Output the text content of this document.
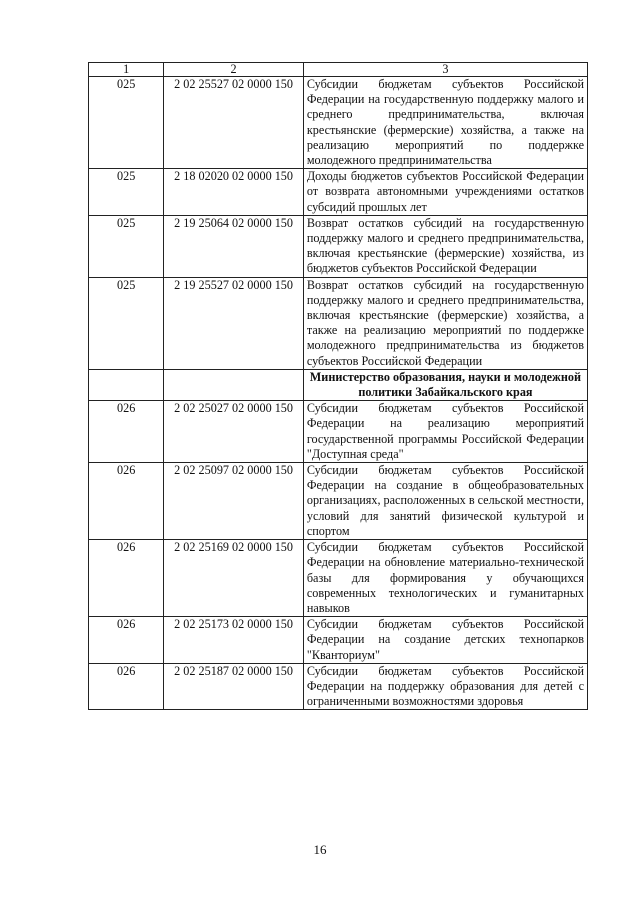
1	2	3
025	2 02 25527 02 0000 150	Субсидии бюджетам субъектов Российской Федерации на государственную поддержку малого и среднего предпринимательства, включая крестьянские (фермерские) хозяйства, а также на реализацию мероприятий по поддержке молодежного предпринимательства
025	2 18 02020 02 0000 150	Доходы бюджетов субъектов Российской Федерации от возврата автономными учреждениями остатков субсидий прошлых лет
025	2 19 25064 02 0000 150	Возврат остатков субсидий на государственную поддержку малого и среднего предпринимательства, включая крестьянские (фермерские) хозяйства, из бюджетов субъектов Российской Федерации
025	2 19 25527 02 0000 150	Возврат остатков субсидий на государственную поддержку малого и среднего предпринимательства, включая крестьянские (фермерские) хозяйства, а также на реализацию мероприятий по поддержке молодежного предпринимательства из бюджетов субъектов Российской Федерации
		Министерство образования, науки и молодежной политики Забайкальского края
026	2 02 25027 02 0000 150	Субсидии бюджетам субъектов Российской Федерации на реализацию мероприятий государственной программы Российской Федерации "Доступная среда"
026	2 02 25097 02 0000 150	Субсидии бюджетам субъектов Российской Федерации на создание в общеобразовательных организациях, расположенных в сельской местности, условий для занятий физической культурой и спортом
026	2 02 25169 02 0000 150	Субсидии бюджетам субъектов Российской Федерации на обновление материально-технической базы для формирования у обучающихся современных технологических и гуманитарных навыков
026	2 02 25173 02 0000 150	Субсидии бюджетам субъектов Российской Федерации на создание детских технопарков "Кванториум"
026	2 02 25187 02 0000 150	Субсидии бюджетам субъектов Российской Федерации на поддержку образования для детей с ограниченными возможностями здоровья
16
